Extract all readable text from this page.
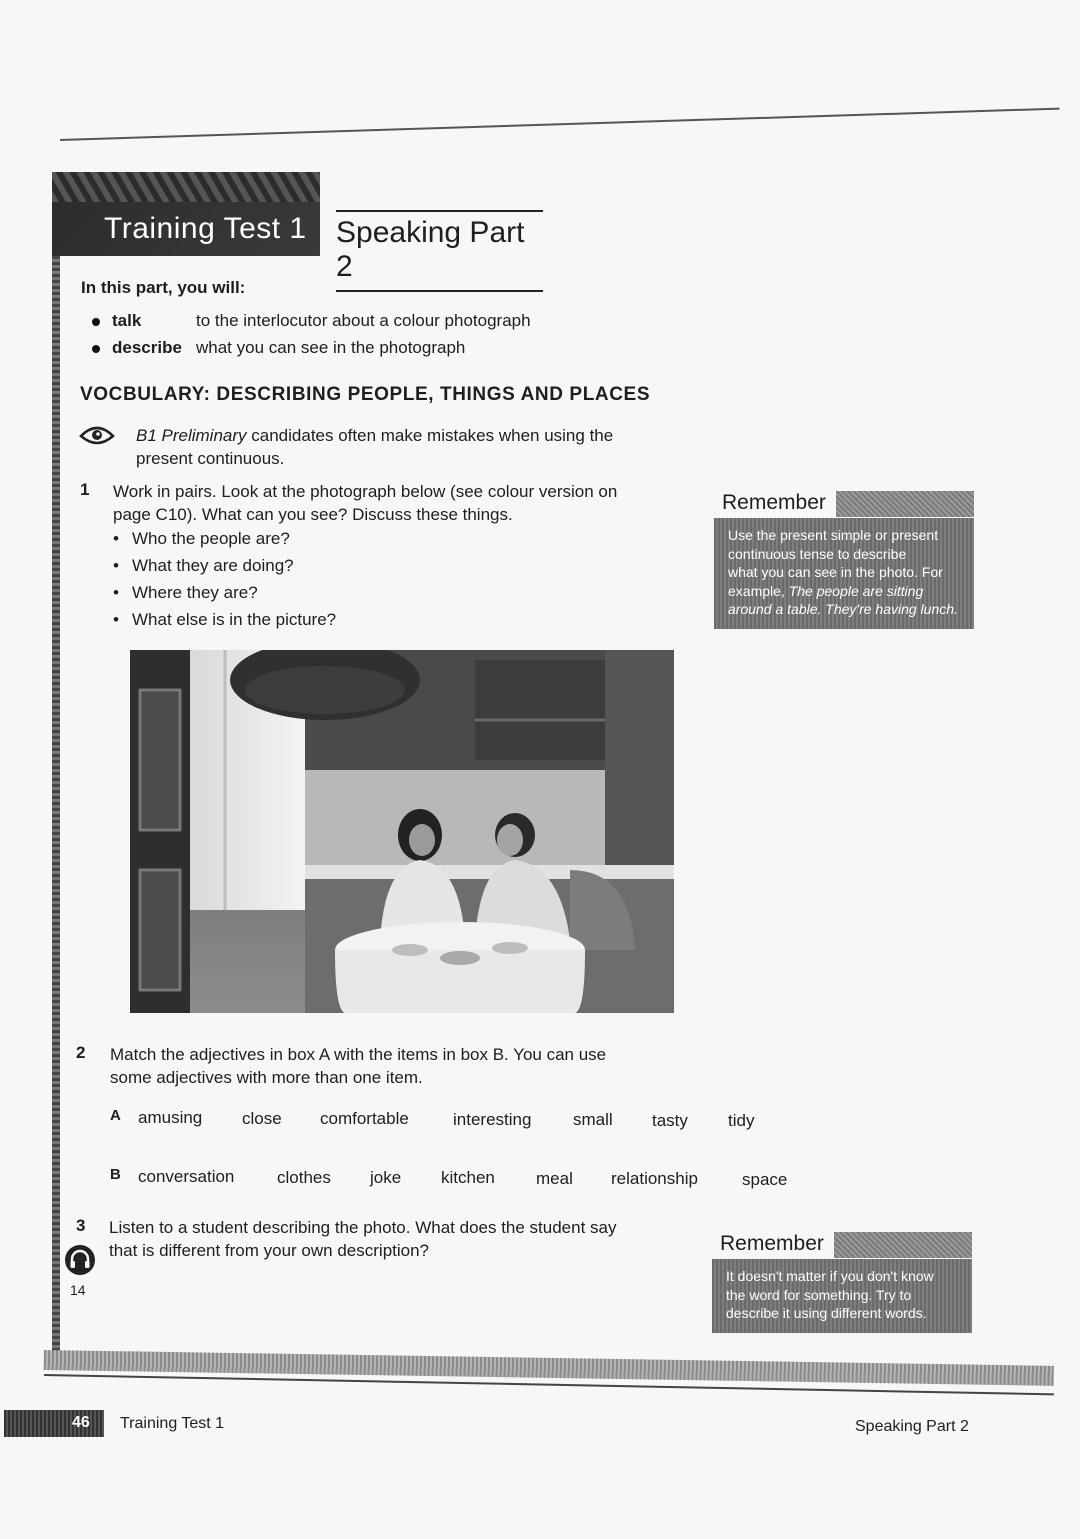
Training Test 1 Speaking Part 2
In this part, you will:
talk	to the interlocutor about a colour photograph
describe what you can see in the photograph
VOCBULARY: DESCRIBING PEOPLE, THINGS AND PLACES
B1 Preliminary candidates often make mistakes when using the
present continuous.
1 Work in pairs. Look at the photograph below (see colour version on
page C10). What can you see? Discuss these things.
• Who the people are?
• What they are doing?
• Where they are?
• What else is in the picture?
Remember
Use the present simple or present
continuous tense to describe
what you can see in the photo. For
example, The people are sitting
around a table. They're having lunch.
2 Match the adjectives in box A with the items in box B. You can use
some adjectives with more than one item.
A amusing close comfortable	interesting small tasty tidy
B conversation	clothes joke kitchen meal relationship	space
3 Listen to a student describing the photo. What does the student say
that is different from your own description?
14
Remember
It doesn't matter if you don't know
the word for something. Try to
describe it using different words.
46 Training Test 1	Speaking Part 2
